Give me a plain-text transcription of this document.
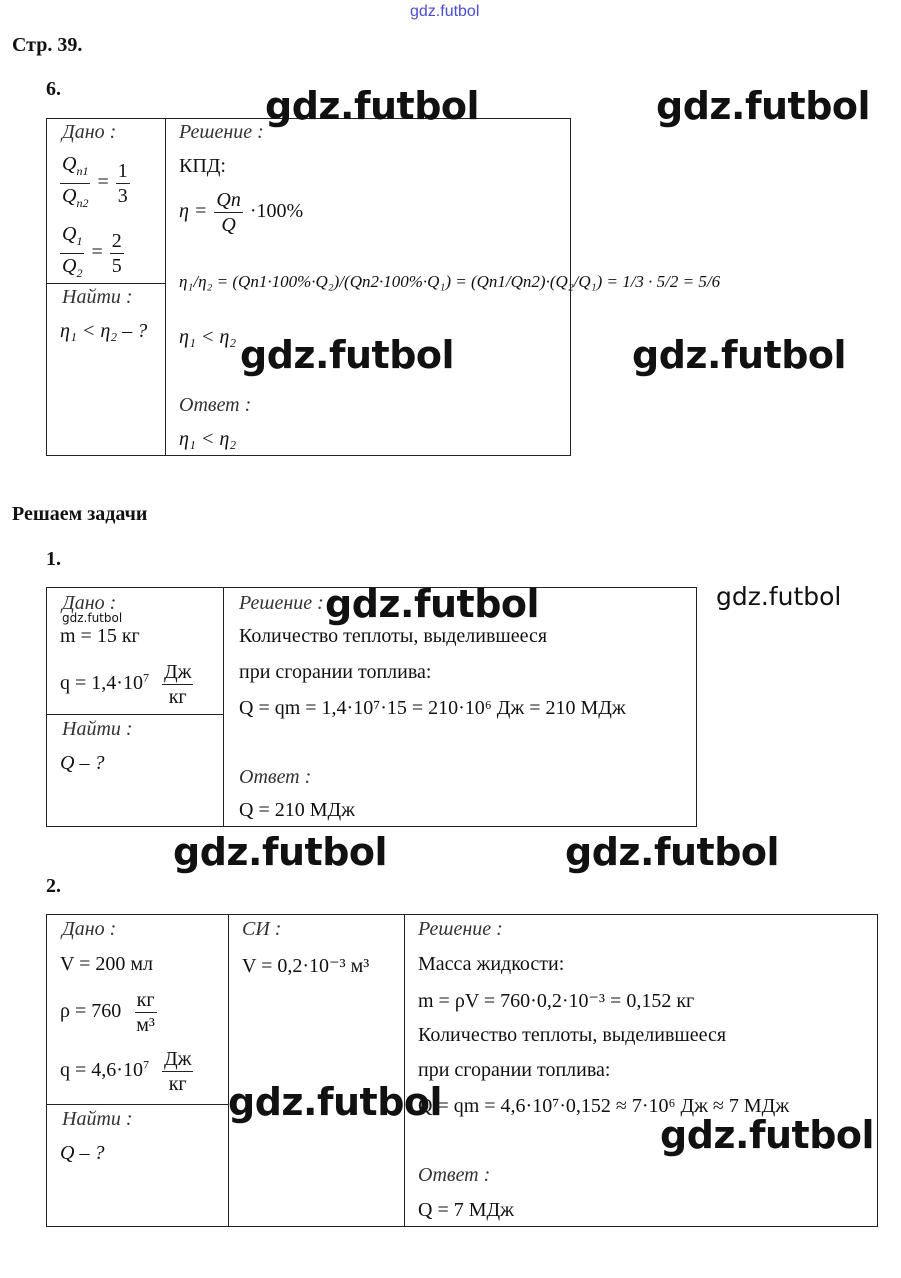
gdz.futbol
Стр. 39.
6.
Дано :
$\frac{Q_{n1}}{Q_{n2}} = \frac{1}{3}$
$\frac{Q_1}{Q_2} = \frac{2}{5}$
Найти :
η₁ < η₂ – ?
Решение :
КПД:
$\eta = \frac{Qп}{Q} \cdot 100\%$
η₁/η₂ = (Qп1·100%·Q₂)/(Qп2·100%·Q₁) = (Qп1/Qп2)·(Q₂/Q₁) = 1/3 · 5/2 = 5/6
η₁ < η₂
Ответ :
η₁ < η₂
gdz.futbol	gdz.futbol
gdz.futbol	gdz.futbol
Решаем задачи
1.
Дано :
gdz.futbol
m = 15 кг
$q = 1,4\cdot 10^7 \frac{Дж}{кг}$
Найти :
Q – ?
Решение :
Количество теплоты, выделившееся
при сгорании топлива:
Q = qm = 1,4·10⁷·15 = 210·10⁶ Дж = 210 МДж
Ответ :
Q = 210 МДж
gdz.futbol	gdz.futbol
gdz.futbol	gdz.futbol
2.
Дано :
V = 200 мл
$\rho = 760 \frac{кг}{\text{м³}}$
$q = 4,6\cdot 10^7 \frac{Дж}{кг}$
Найти :
Q – ?
СИ :
V = 0,2·10⁻³ м³
Решение :
Масса жидкости:
m = ρV = 760·0,2·10⁻³ = 0,152 кг
Количество теплоты, выделившееся
при сгорании топлива:
Q = qm = 4,6·10⁷·0,152 ≈ 7·10⁶ Дж ≈ 7 МДж
Ответ :
Q = 7 МДж
gdz.futbol
gdz.futbol
